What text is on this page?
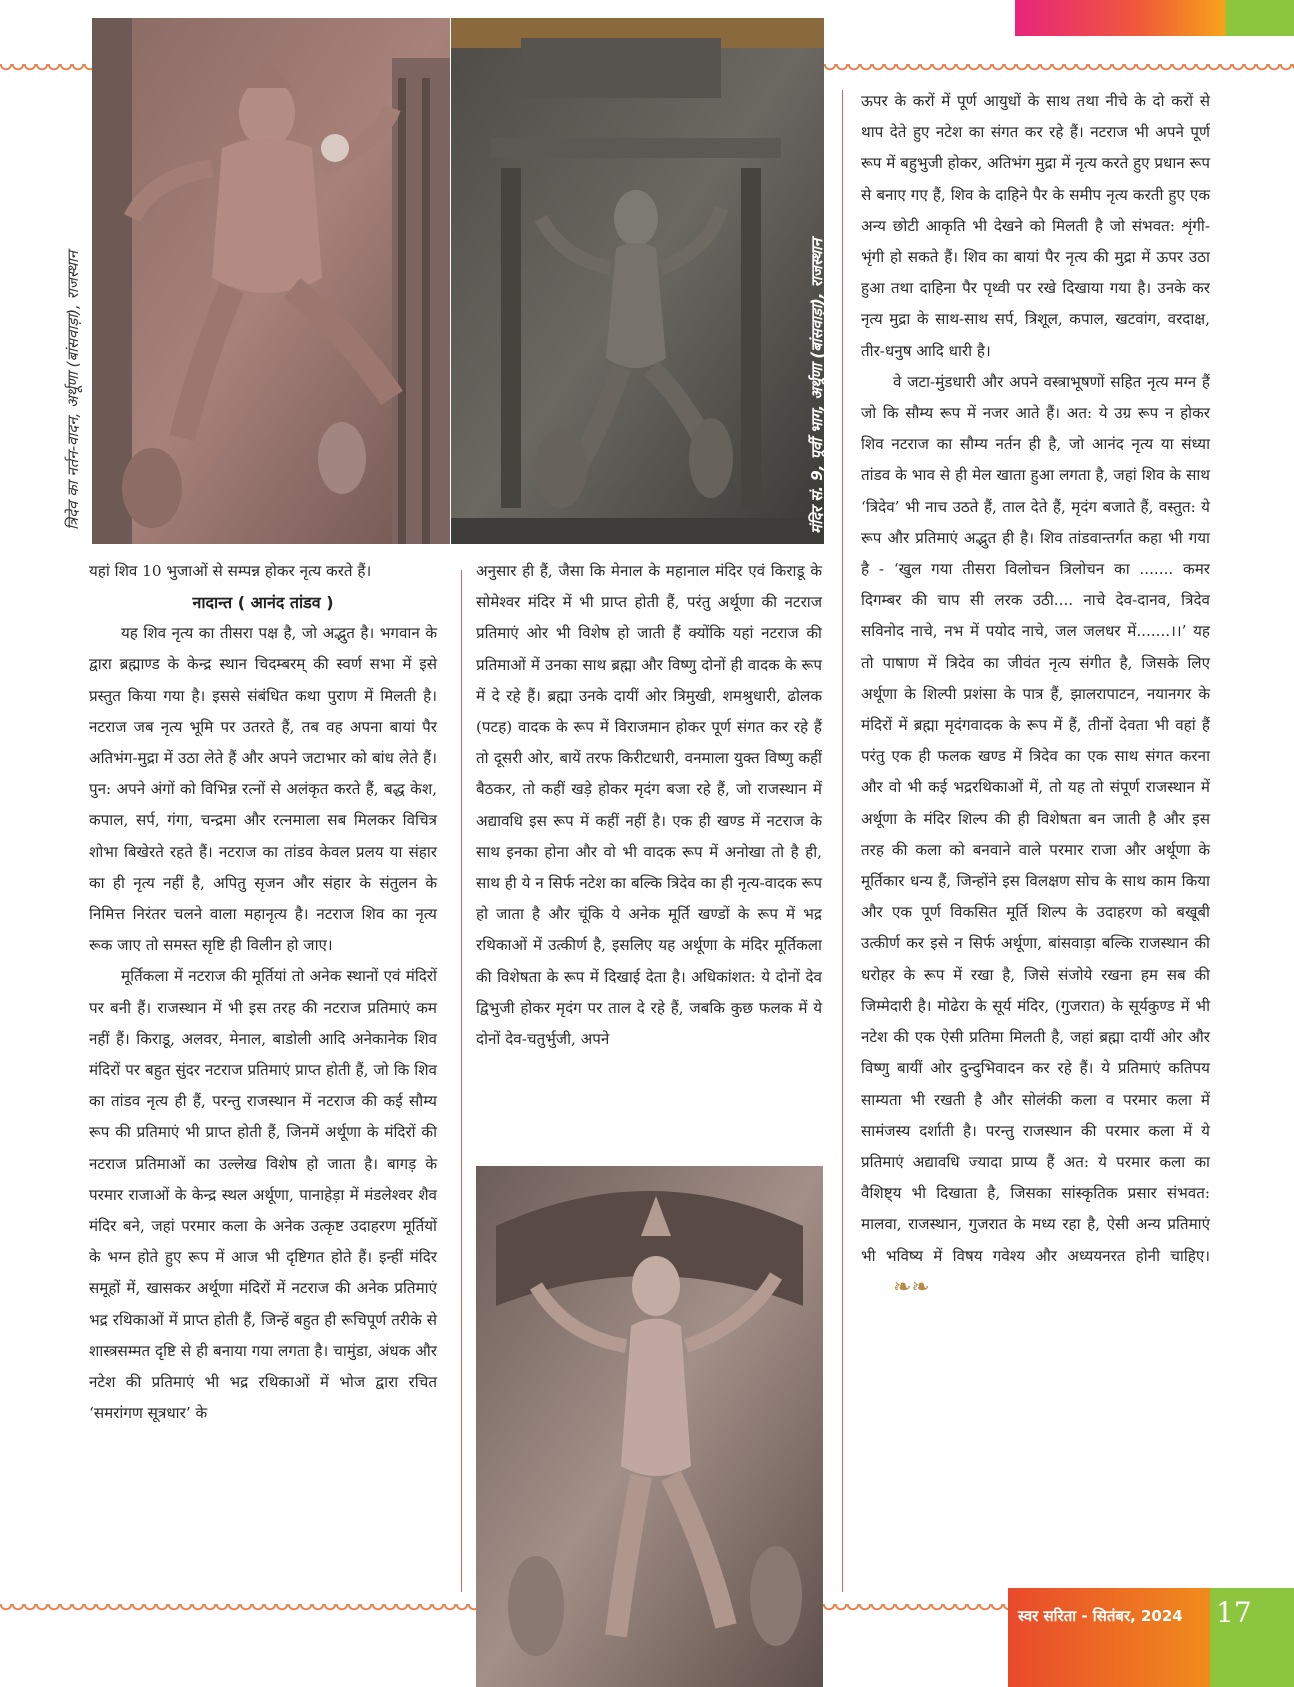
त्रिदेव का नर्तन-वादन, अर्थूणा (बांसवाड़ा), राजस्थान	मंदिर सं. 9, पूर्वी भाग, अर्थूणा (बांसवाड़ा), राजस्थान

यहां शिव 10 भुजाओं से सम्पन्न होकर नृत्य करते हैं।

नादान्त ( आनंद तांडव )

यह शिव नृत्य का तीसरा पक्ष है, जो अद्भुत है। भगवान के द्वारा ब्रह्माण्ड के केन्द्र स्थान चिदम्बरम् की स्वर्ण सभा में इसे प्रस्तुत किया गया है। इससे संबंधित कथा पुराण में मिलती है। नटराज जब नृत्य भूमि पर उतरते हैं, तब वह अपना बायां पैर अतिभंग-मुद्रा में उठा लेते हैं और अपने जटाभार को बांध लेते हैं। पुन: अपने अंगों को विभिन्न रत्नों से अलंकृत करते हैं, बद्ध केश, कपाल, सर्प, गंगा, चन्द्रमा और रत्नमाला सब मिलकर विचित्र शोभा बिखेरते रहते हैं। नटराज का तांडव केवल प्रलय या संहार का ही नृत्य नहीं है, अपितु सृजन और संहार के संतुलन के निमित्त निरंतर चलने वाला महानृत्य है। नटराज शिव का नृत्य रूक जाए तो समस्त सृष्टि ही विलीन हो जाए।

मूर्तिकला में नटराज की मूर्तियां तो अनेक स्थानों एवं मंदिरों पर बनी हैं। राजस्थान में भी इस तरह की नटराज प्रतिमाएं कम नहीं हैं। किराडू, अलवर, मेनाल, बाडोली आदि अनेकानेक शिव मंदिरों पर बहुत सुंदर नटराज प्रतिमाएं प्राप्त होती हैं, जो कि शिव का तांडव नृत्य ही हैं, परन्तु राजस्थान में नटराज की कई सौम्य रूप की प्रतिमाएं भी प्राप्त होती हैं, जिनमें अर्थूणा के मंदिरों की नटराज प्रतिमाओं का उल्लेख विशेष हो जाता है। बागड़ के परमार राजाओं के केन्द्र स्थल अर्थूणा, पानाहेड़ा में मंडलेश्वर शैव मंदिर बने, जहां परमार कला के अनेक उत्कृष्ट उदाहरण मूर्तियों के भग्न होते हुए रूप में आज भी दृष्टिगत होते हैं। इन्हीं मंदिर समूहों में, खासकर अर्थूणा मंदिरों में नटराज की अनेक प्रतिमाएं भद्र रथिकाओं में प्राप्त होती हैं, जिन्हें बहुत ही रूचिपूर्ण तरीके से शास्त्रसम्मत दृष्टि से ही बनाया गया लगता है। चामुंडा, अंधक और नटेश की प्रतिमाएं भी भद्र रथिकाओं में भोज द्वारा रचित ‘समरांगण सूत्रधार’ के

अनुसार ही हैं, जैसा कि मेनाल के महानाल मंदिर एवं किराडू के सोमेश्वर मंदिर में भी प्राप्त होती हैं, परंतु अर्थूणा की नटराज प्रतिमाएं ओर भी विशेष हो जाती हैं क्योंकि यहां नटराज की प्रतिमाओं में उनका साथ ब्रह्मा और विष्णु दोनों ही वादक के रूप में दे रहे हैं। ब्रह्मा उनके दायीं ओर त्रिमुखी, शमश्रुधारी, ढोलक (पटह) वादक के रूप में विराजमान होकर पूर्ण संगत कर रहे हैं तो दूसरी ओर, बायें तरफ किरीटधारी, वनमाला युक्त विष्णु कहीं बैठकर, तो कहीं खड़े होकर मृदंग बजा रहे हैं, जो राजस्थान में अद्यावधि इस रूप में कहीं नहीं है। एक ही खण्ड में नटराज के साथ इनका होना और वो भी वादक रूप में अनोखा तो है ही, साथ ही ये न सिर्फ नटेश का बल्कि त्रिदेव का ही नृत्य-वादक रूप हो जाता है और चूंकि ये अनेक मूर्ति खण्डों के रूप में भद्र रथिकाओं में उत्कीर्ण है, इसलिए यह अर्थूणा के मंदिर मूर्तिकला की विशेषता के रूप में दिखाई देता है। अधिकांशत: ये दोनों देव द्विभुजी होकर मृदंग पर ताल दे रहे हैं, जबकि कुछ फलक में ये दोनों देव-चतुर्भुजी, अपने

ऊपर के करों में पूर्ण आयुधों के साथ तथा नीचे के दो करों से थाप देते हुए नटेश का संगत कर रहे हैं। नटराज भी अपने पूर्ण रूप में बहुभुजी होकर, अतिभंग मुद्रा में नृत्य करते हुए प्रधान रूप से बनाए गए हैं, शिव के दाहिने पैर के समीप नृत्य करती हुए एक अन्य छोटी आकृति भी देखने को मिलती है जो संभवत: शृंगी-भृंगी हो सकते हैं। शिव का बायां पैर नृत्य की मुद्रा में ऊपर उठा हुआ तथा दाहिना पैर पृथ्वी पर रखे दिखाया गया है। उनके कर नृत्य मुद्रा के साथ-साथ सर्प, त्रिशूल, कपाल, खटवांग, वरदाक्ष, तीर-धनुष आदि धारी है।

वे जटा-मुंडधारी और अपने वस्त्राभूषणों सहित नृत्य मग्न हैं जो कि सौम्य रूप में नजर आते हैं। अत: ये उग्र रूप न होकर शिव नटराज का सौम्य नर्तन ही है, जो आनंद नृत्य या संध्या तांडव के भाव से ही मेल खाता हुआ लगता है, जहां शिव के साथ ‘त्रिदेव’ भी नाच उठते हैं, ताल देते हैं, मृदंग बजाते हैं, वस्तुत: ये रूप और प्रतिमाएं अद्भुत ही है। शिव तांडवान्तर्गत कहा भी गया है - ‘खुल गया तीसरा विलोचन त्रिलोचन का ....... कमर दिगम्बर की चाप सी लरक उठी.... नाचे देव-दानव, त्रिदेव सविनोद नाचे, नभ में पयोद नाचे, जल जलधर में.......।।’ यह तो पाषाण में त्रिदेव का जीवंत नृत्य संगीत है, जिसके लिए अर्थूणा के शिल्पी प्रशंसा के पात्र हैं, झालरापाटन, नयानगर के मंदिरों में ब्रह्मा मृदंगवादक के रूप में हैं, तीनों देवता भी वहां हैं परंतु एक ही फलक खण्ड में त्रिदेव का एक साथ संगत करना और वो भी कई भद्ररथिकाओं में, तो यह तो संपूर्ण राजस्थान में अर्थूणा के मंदिर शिल्प की ही विशेषता बन जाती है और इस तरह की कला को बनवाने वाले परमार राजा और अर्थूणा के मूर्तिकार धन्य हैं, जिन्होंने इस विलक्षण सोच के साथ काम किया और एक पूर्ण विकसित मूर्ति शिल्प के उदाहरण को बखूबी उत्कीर्ण कर इसे न सिर्फ अर्थूणा, बांसवाड़ा बल्कि राजस्थान की धरोहर के रूप में रखा है, जिसे संजोये रखना हम सब की जिम्मेदारी है। मोढेरा के सूर्य मंदिर, (गुजरात) के सूर्यकुण्ड में भी नटेश की एक ऐसी प्रतिमा मिलती है, जहां ब्रह्मा दायीं ओर और विष्णु बायीं ओर दुन्दुभिवादन कर रहे हैं। ये प्रतिमाएं कतिपय साम्यता भी रखती है और सोलंकी कला व परमार कला में सामंजस्य दर्शाती है। परन्तु राजस्थान की परमार कला में ये प्रतिमाएं अद्यावधि ज्यादा प्राप्य हैं अत: ये परमार कला का वैशिष्ट्य भी दिखाता है, जिसका सांस्कृतिक प्रसार संभवत: मालवा, राजस्थान, गुजरात के मध्य रहा है, ऐसी अन्य प्रतिमाएं भी भविष्य में विषय गवेश्य और अध्ययनरत होनी चाहिए। ❧❧

स्वर सरिता - सितंबर, 2024 17
